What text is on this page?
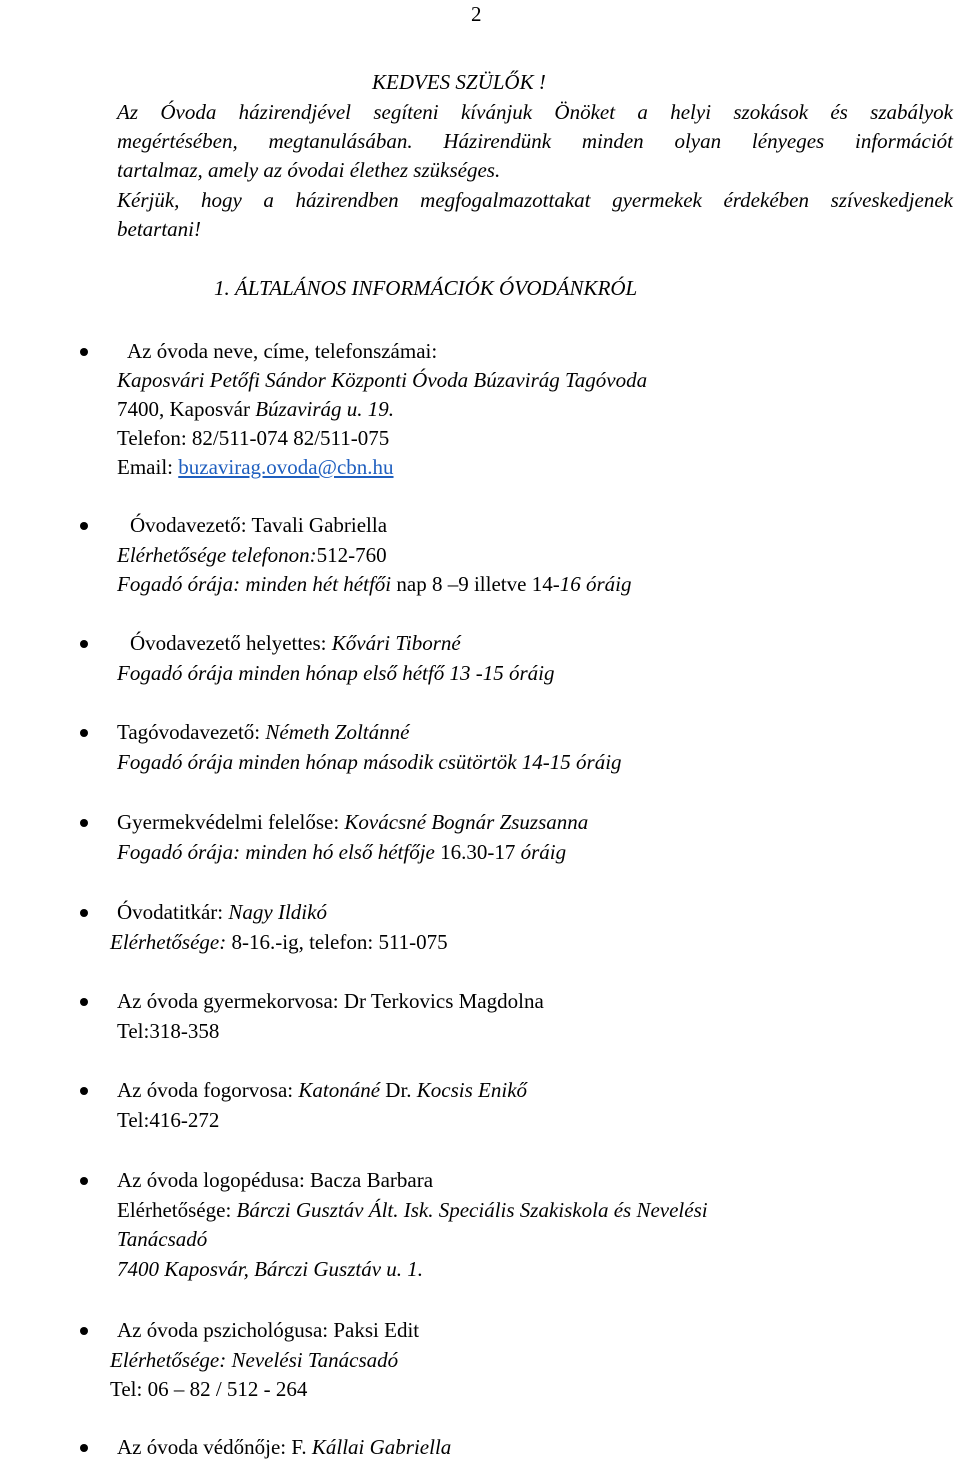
2
KEDVES SZÜLŐK !
Az Óvoda házirendjével segíteni kívánjuk Önöket a helyi szokások és szabályok
megértésében, megtanulásában. Házirendünk minden olyan lényeges információt
tartalmaz, amely az óvodai élethez szükséges.
Kérjük, hogy a házirendben megfogalmazottakat gyermekek érdekében szíveskedjenek
betartani!
1. ÁLTALÁNOS INFORMÁCIÓK ÓVODÁNKRÓL
Az óvoda neve, címe, telefonszámai:
Kaposvári Petőfi Sándor Központi Óvoda Búzavirág Tagóvoda
7400, Kaposvár Búzavirág u. 19.
Telefon: 82/511-074 82/511-075
Email: buzavirag.ovoda@cbn.hu
Óvodavezető: Tavali Gabriella
Elérhetősége telefonon:512-760
Fogadó órája: minden hét hétfői nap 8 –9 illetve 14-16 óráig
Óvodavezető helyettes: Kővári Tiborné
Fogadó órája minden hónap első hétfő 13 -15 óráig
Tagóvodavezető: Németh Zoltánné
Fogadó órája minden hónap második csütörtök 14-15 óráig
Gyermekvédelmi felelőse: Kovácsné Bognár Zsuzsanna
Fogadó órája: minden hó első hétfője 16.30-17 óráig
Óvodatitkár: Nagy Ildikó
Elérhetősége: 8-16.-ig, telefon: 511-075
Az óvoda gyermekorvosa: Dr Terkovics Magdolna
Tel:318-358
Az óvoda fogorvosa: Katonáné Dr. Kocsis Enikő
Tel:416-272
Az óvoda logopédusa: Bacza Barbara
Elérhetősége: Bárczi Gusztáv Ált. Isk. Speciális Szakiskola és Nevelési
Tanácsadó
7400 Kaposvár, Bárczi Gusztáv u. 1.
Az óvoda pszichológusa: Paksi Edit
Elérhetősége: Nevelési Tanácsadó
Tel: 06 – 82 / 512 - 264
Az óvoda védőnője: F. Kállai Gabriella
